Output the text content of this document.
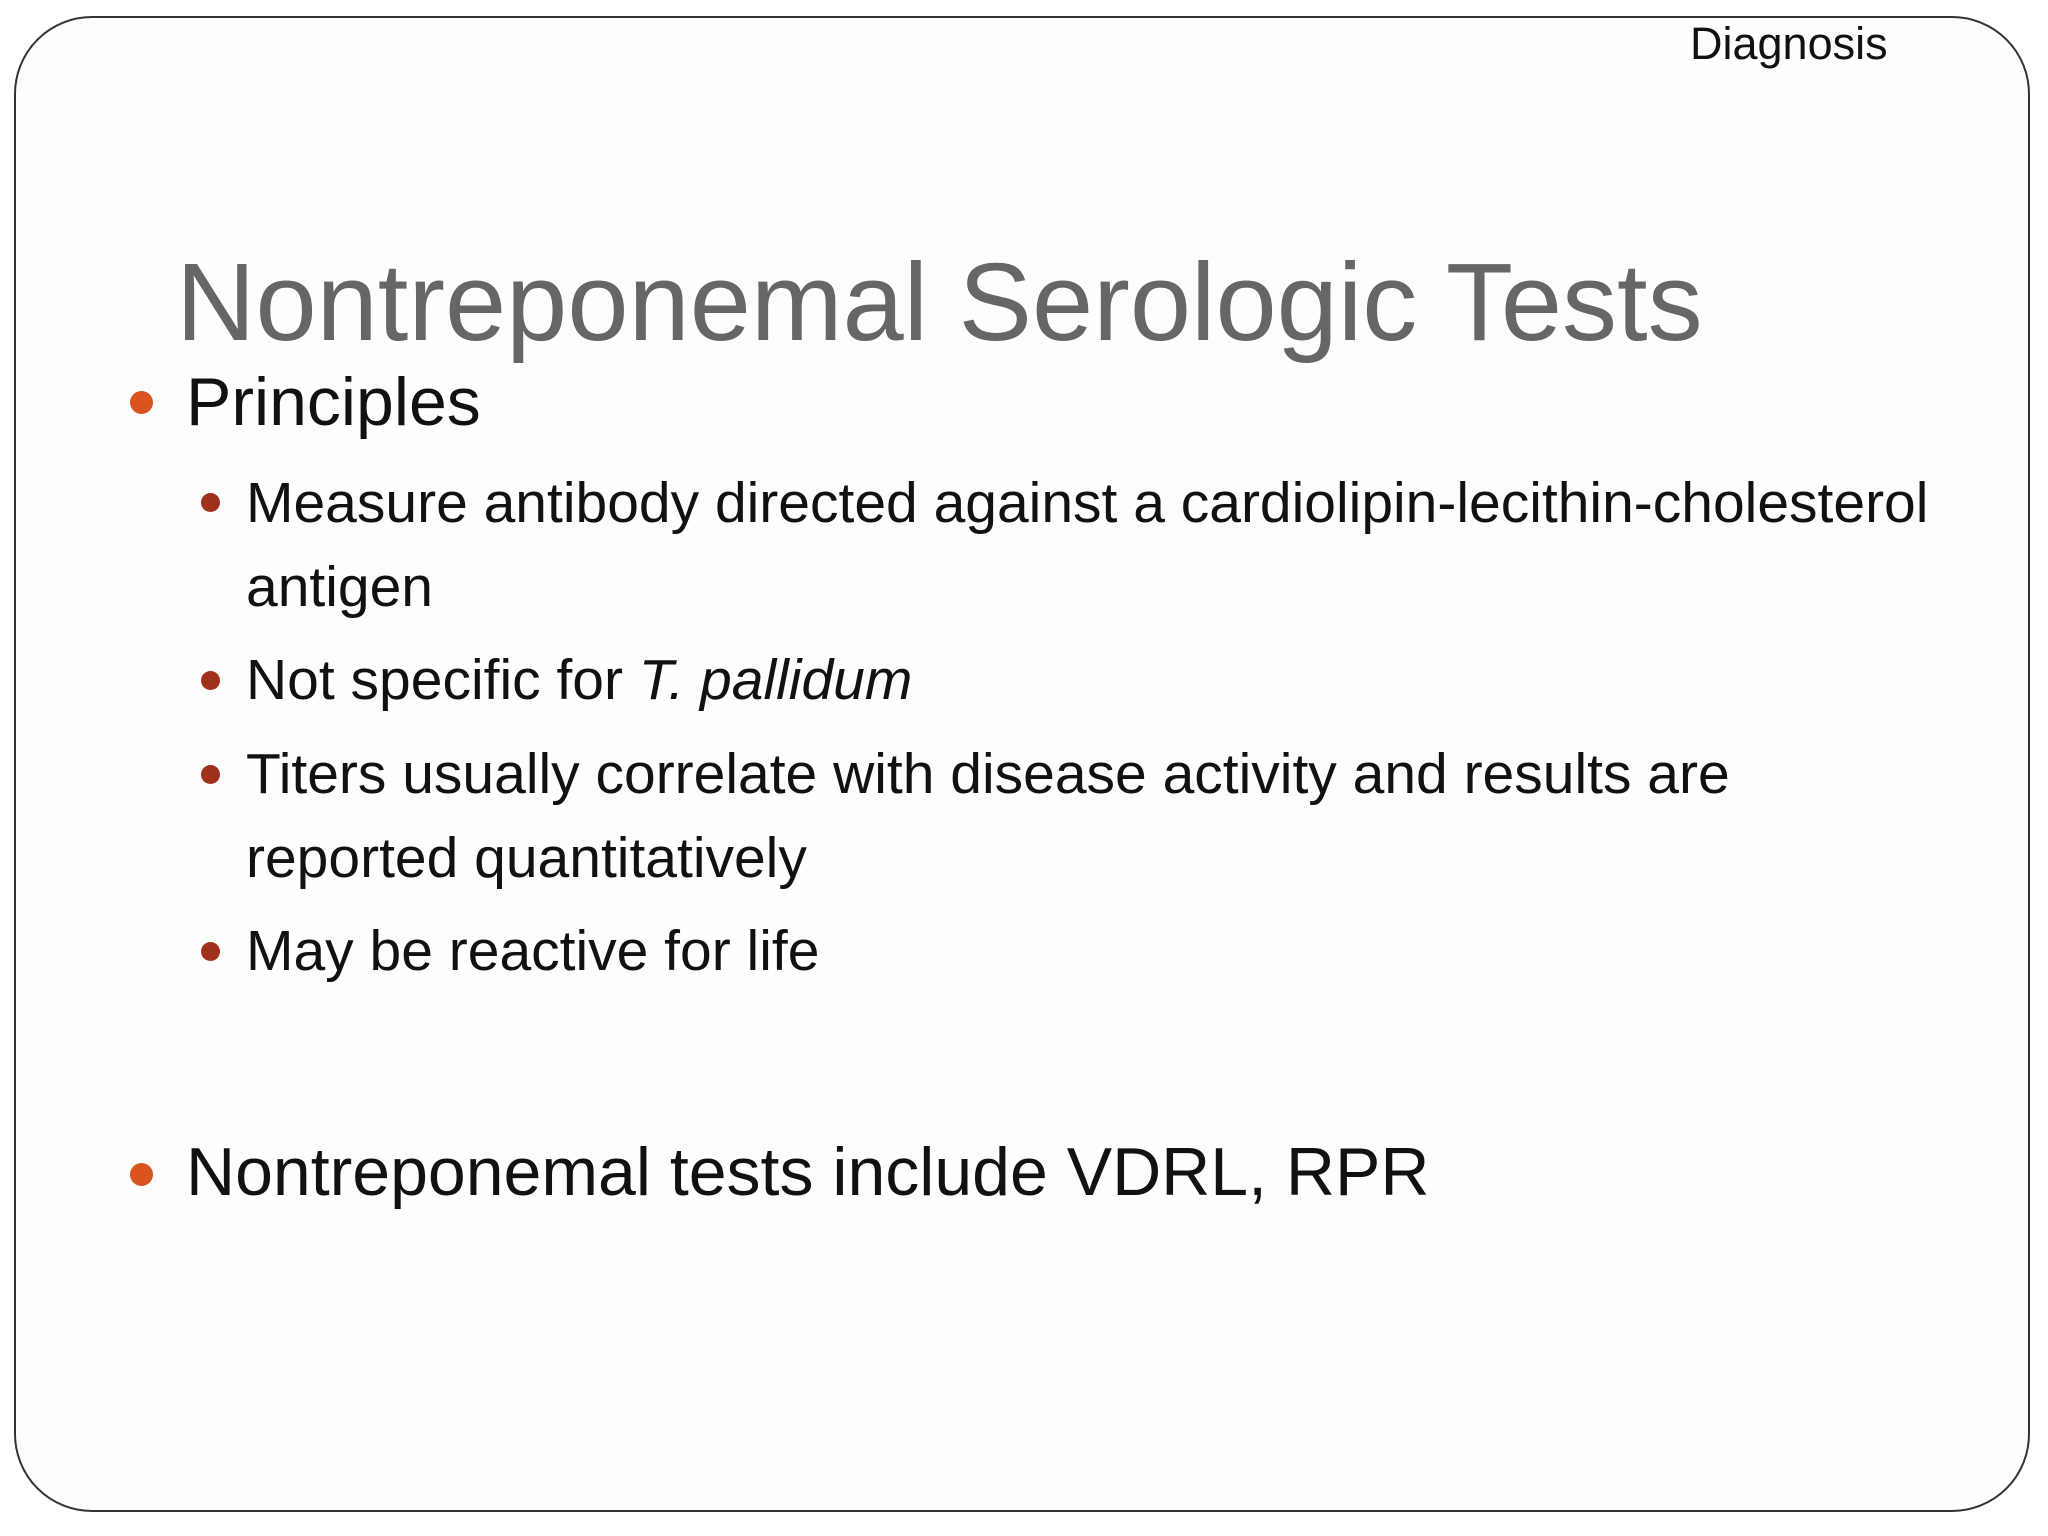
Diagnosis
Nontreponemal Serologic Tests
Principles
Measure antibody directed against a cardiolipin-lecithin-cholesterol antigen
Not specific for T. pallidum
Titers usually correlate with disease activity and results are reported quantitatively
May be reactive for life
Nontreponemal tests include VDRL, RPR
